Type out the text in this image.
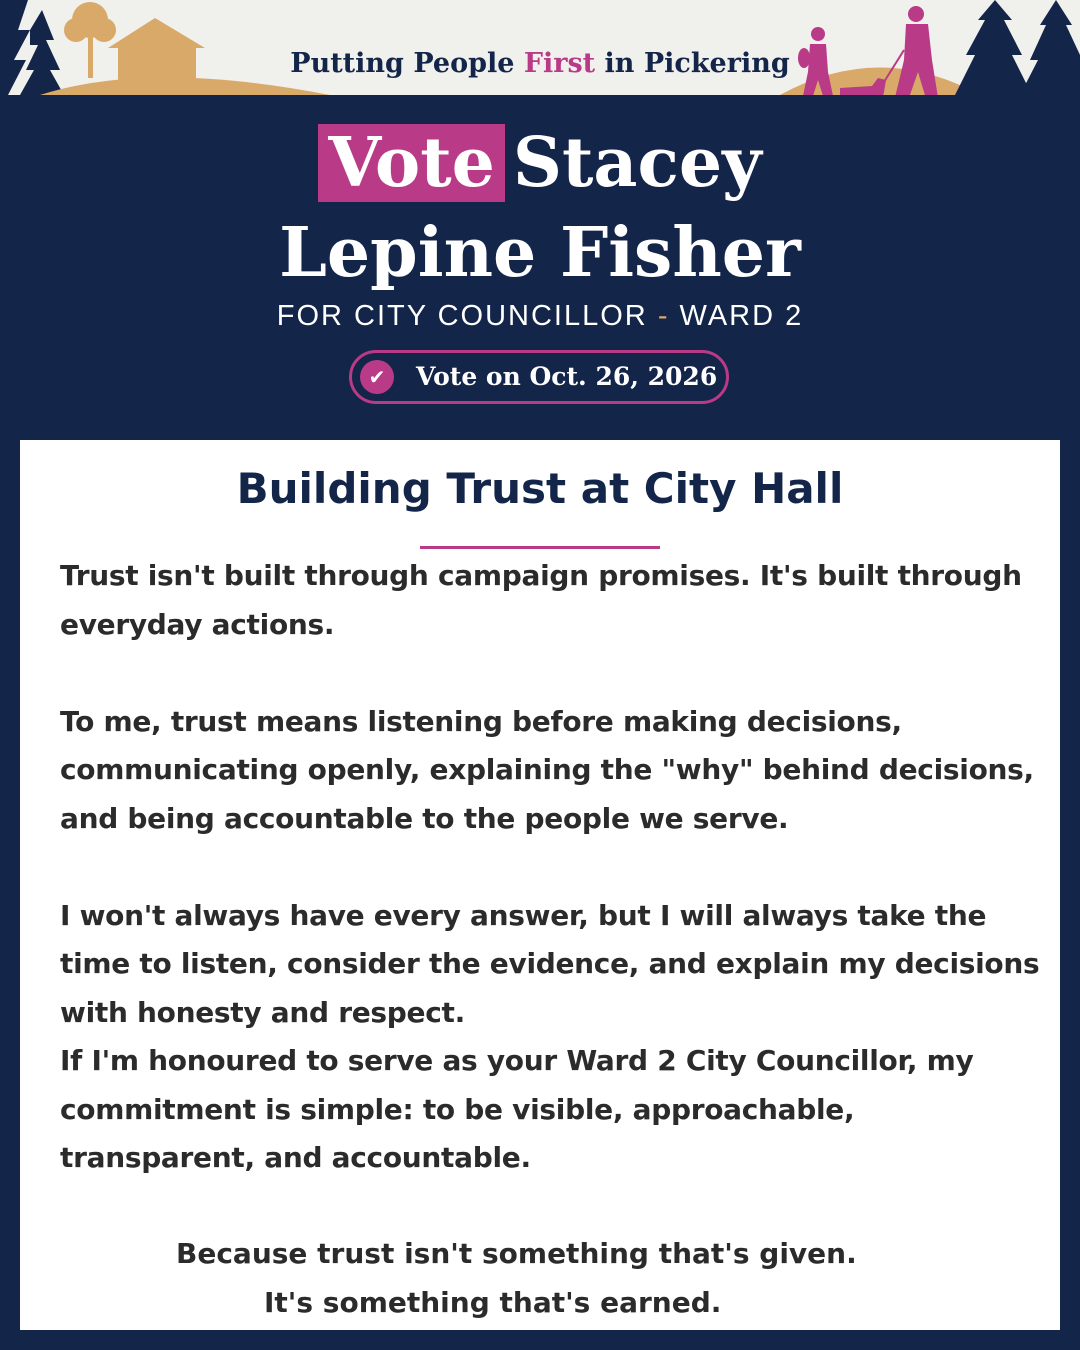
Putting People First in Pickering
Vote Stacey
Lepine Fisher
FOR CITY COUNCILLOR - WARD 2
✔	Vote on Oct. 26, 2026
Building Trust at City Hall

Trust isn't built through campaign promises. It's built through everyday actions.

To me, trust means listening before making decisions, communicating openly, explaining the "why" behind decisions, and being accountable to the people we serve.

I won't always have every answer, but I will always take the time to listen, consider the evidence, and explain my decisions with honesty and respect.

If I'm honoured to serve as your Ward 2 City Councillor, my commitment is simple: to be visible, approachable, transparent, and accountable.

Because trust isn't something that's given.
It's something that's earned.
